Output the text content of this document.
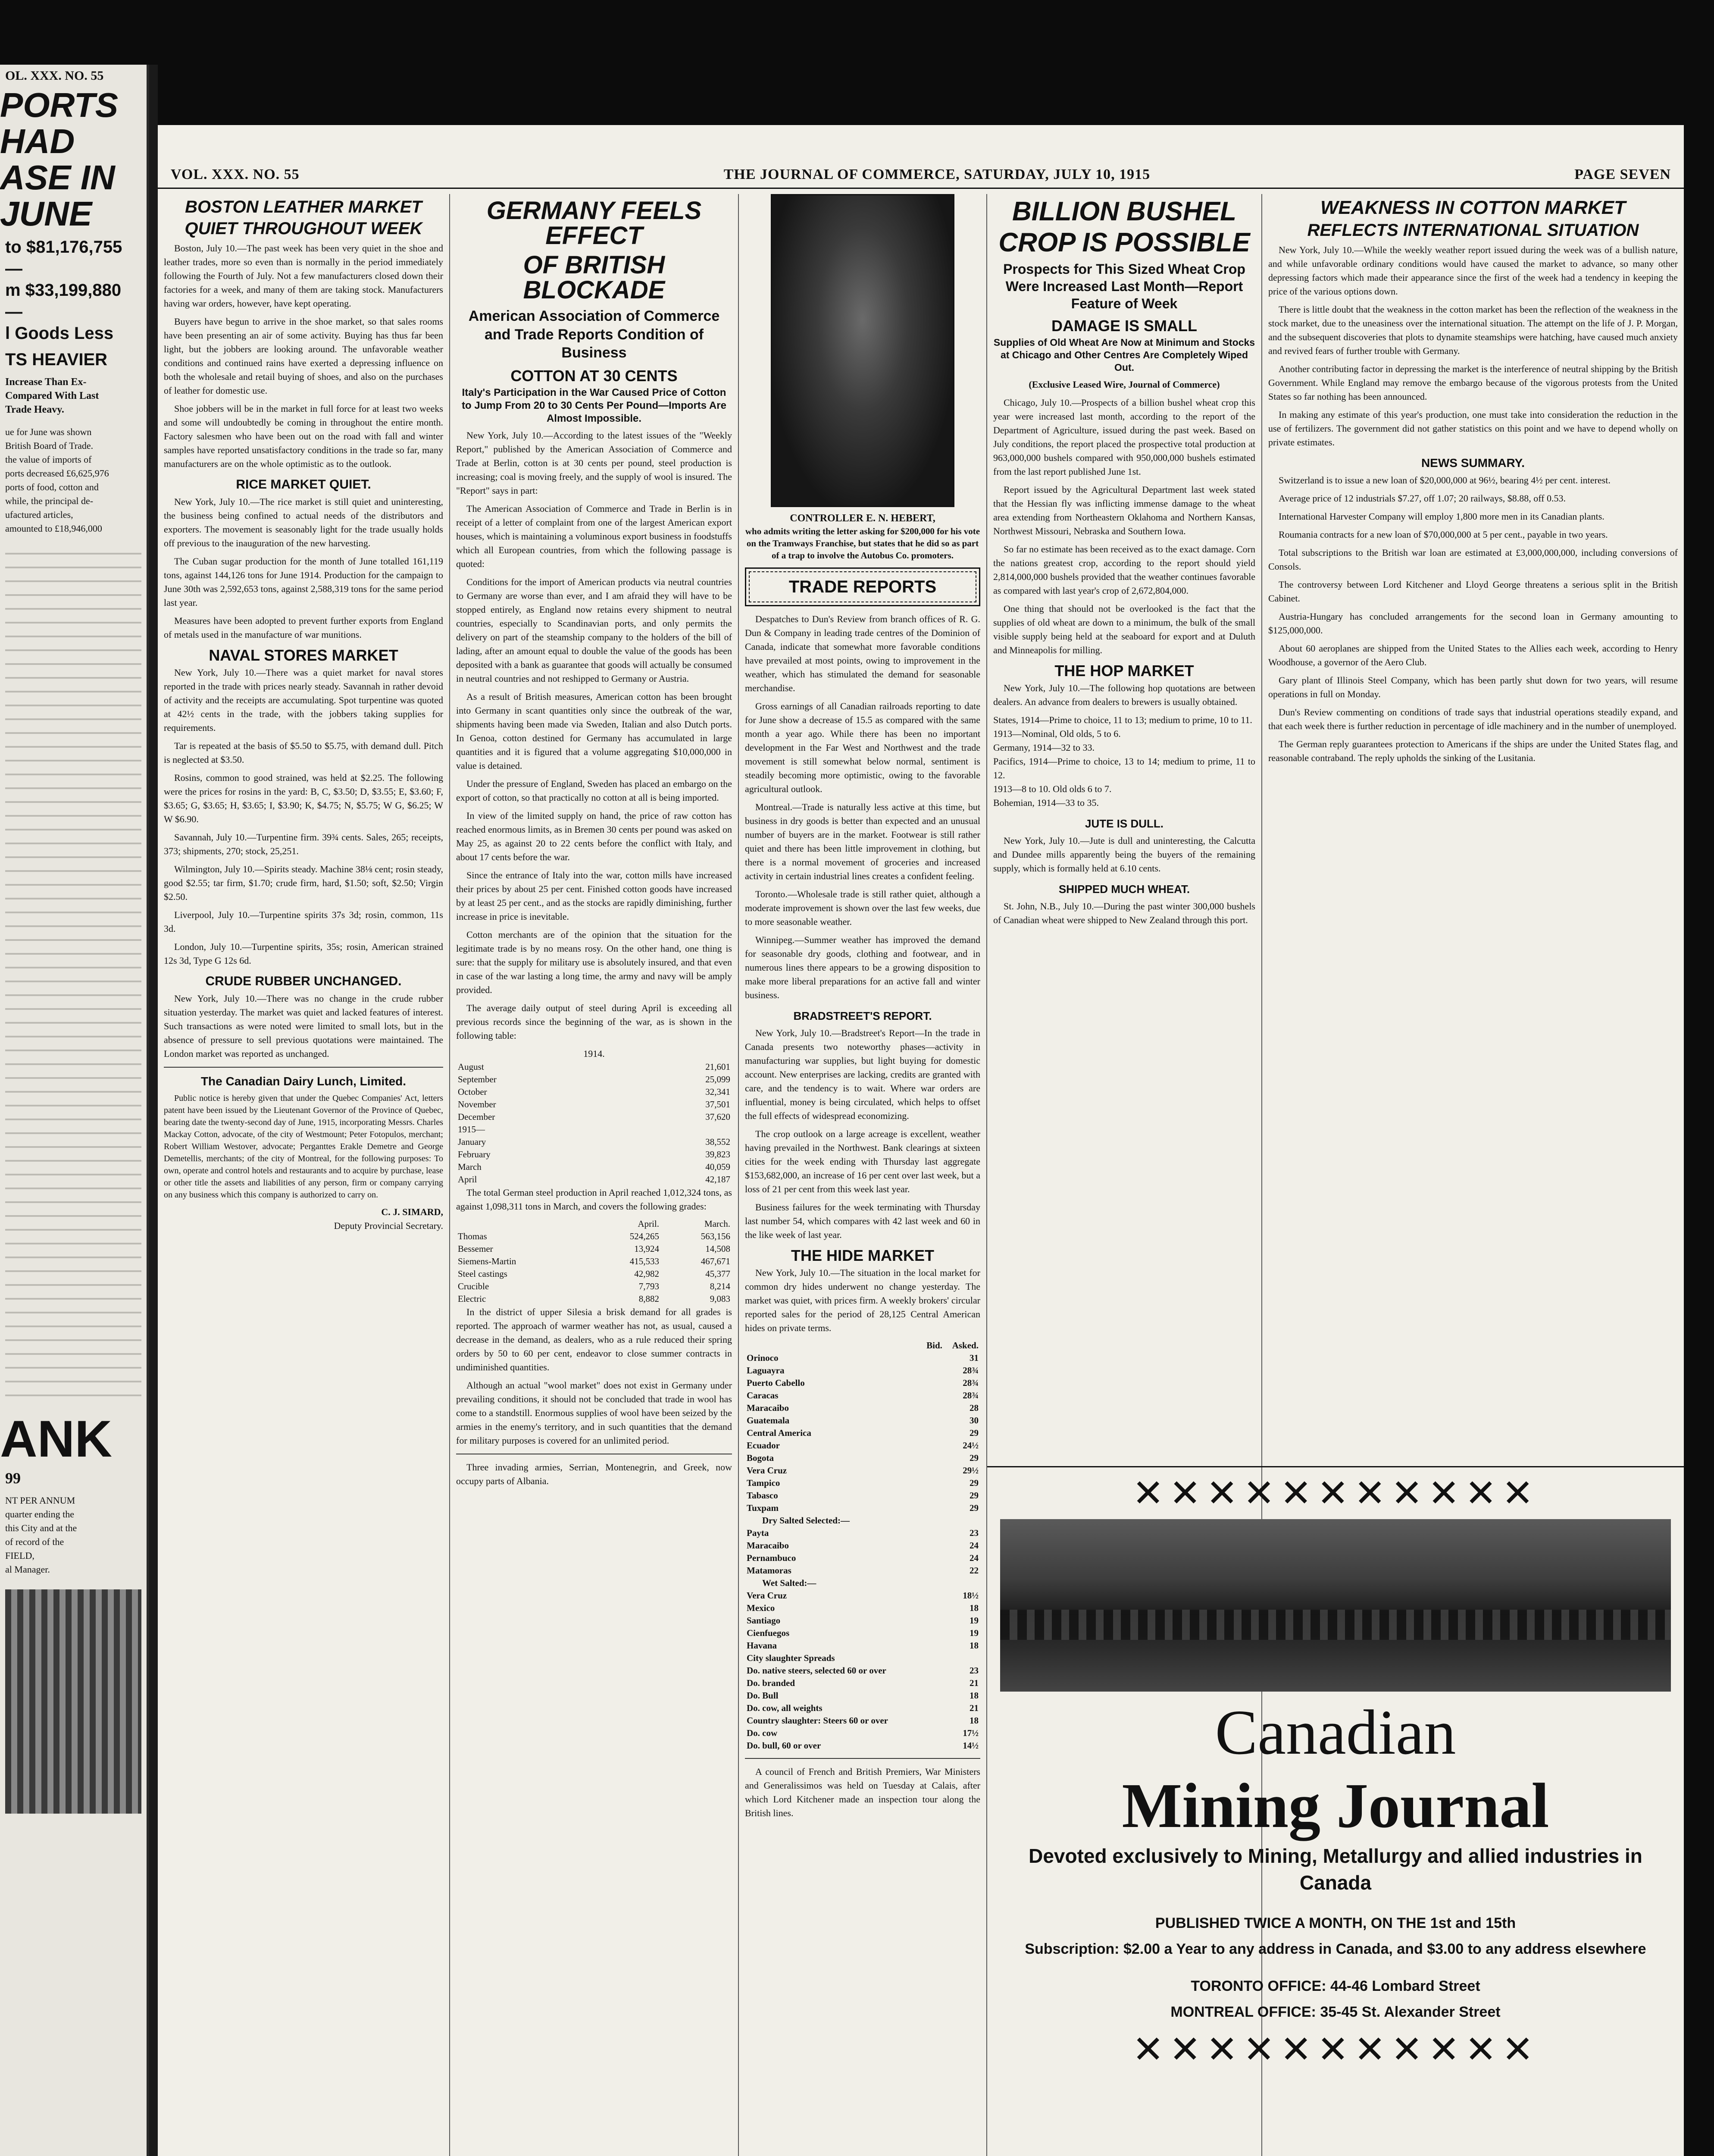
OL. XXX. NO. 55
PORTS HAD
ASE IN JUNE
to $81,176,755 —
m $33,199,880 —
l Goods Less
TS HEAVIER
Increase Than Ex-
Compared With Last
Trade Heavy.
ue for June was shown
British Board of Trade.
the value of imports of
ports decreased £6,625,976
ports of food, cotton and
while, the principal de-
ufactured articles,
amounted to £18,946,000
ANK
99
NT PER ANNUM
quarter ending the
this City and at the
of record of the
FIELD,
al Manager.
VOL. XXX. NO. 55	THE JOURNAL OF COMMERCE, SATURDAY, JULY 10, 1915	PAGE SEVEN
BOSTON LEATHER MARKET
QUIET THROUGHOUT WEEK

Boston, July 10.—The past week has been very quiet in the shoe and leather trades, more so even than is normally in the period immediately following the Fourth of July. Not a few manufacturers closed down their factories for a week, and many of them are taking stock. Manufacturers having war orders, however, have kept operating.

Buyers have begun to arrive in the shoe market, so that sales rooms have been presenting an air of some activity. Buying has thus far been light, but the jobbers are looking around. The unfavorable weather conditions and continued rains have exerted a depressing influence on both the wholesale and retail buying of shoes, and also on the purchases of leather for domestic use.

Shoe jobbers will be in the market in full force for at least two weeks and some will undoubtedly be coming in throughout the entire month. Factory salesmen who have been out on the road with fall and winter samples have reported unsatisfactory conditions in the trade so far, many manufacturers are on the whole optimistic as to the outlook.

RICE MARKET QUIET.

New York, July 10.—The rice market is still quiet and uninteresting, the business being confined to actual needs of the distributors and exporters. The movement is seasonably light for the trade usually holds off previous to the inauguration of the new harvesting.

The Cuban sugar production for the month of June totalled 161,119 tons, against 144,126 tons for June 1914. Production for the campaign to June 30th was 2,592,653 tons, against 2,588,319 tons for the same period last year.

Measures have been adopted to prevent further exports from England of metals used in the manufacture of war munitions.

NAVAL STORES MARKET

New York, July 10.—There was a quiet market for naval stores reported in the trade with prices nearly steady. Savannah in rather devoid of activity and the receipts are accumulating. Spot turpentine was quoted at 42½ cents in the trade, with the jobbers taking supplies for requirements.

Tar is repeated at the basis of $5.50 to $5.75, with demand dull. Pitch is neglected at $3.50.

Rosins, common to good strained, was held at $2.25. The following were the prices for rosins in the yard: B, C, $3.50; D, $3.55; E, $3.60; F, $3.65; G, $3.65; H, $3.65; I, $3.90; K, $4.75; N, $5.75; W G, $6.25; W W $6.90.

Savannah, July 10.—Turpentine firm. 39¾ cents. Sales, 265; receipts, 373; shipments, 270; stock, 25,251.

Wilmington, July 10.—Spirits steady. Machine 38⅛ cent; rosin steady, good $2.55; tar firm, $1.70; crude firm, hard, $1.50; soft, $2.50; Virgin $2.50.

Liverpool, July 10.—Turpentine spirits 37s 3d; rosin, common, 11s 3d.

London, July 10.—Turpentine spirits, 35s; rosin, American strained 12s 3d, Type G 12s 6d.

CRUDE RUBBER UNCHANGED.

New York, July 10.—There was no change in the crude rubber situation yesterday. The market was quiet and lacked features of interest. Such transactions as were noted were limited to small lots, but in the absence of pressure to sell previous quotations were maintained. The London market was reported as unchanged.

The Canadian Dairy Lunch, Limited.

Public notice is hereby given that under the Quebec Companies' Act, letters patent have been issued by the Lieutenant Governor of the Province of Quebec, bearing date the twenty-second day of June, 1915, incorporating Messrs. Charles Mackay Cotton, advocate, of the city of Westmount; Peter Fotopulos, merchant; Robert William Westover, advocate; Perganttes Erakle Demetre and George Demetellis, merchants; of the city of Montreal, for the following purposes: To own, operate and control hotels and restaurants and to acquire by purchase, lease or other title the assets and liabilities of any person, firm or company carrying on any business which this company is authorized to carry on.

C. J. SIMARD,
Deputy Provincial Secretary.
GERMANY FEELS EFFECT
OF BRITISH BLOCKADE
American Association of Commerce and Trade Reports Condition of Business
COTTON AT 30 CENTS
Italy's Participation in the War Caused Price of Cotton to Jump From 20 to 30 Cents Per Pound—Imports Are Almost Impossible.

New York, July 10.—According to the latest issues of the "Weekly Report," published by the American Association of Commerce and Trade at Berlin, cotton is at 30 cents per pound, steel production is increasing; coal is moving freely, and the supply of wool is insured. The "Report" says in part:

The American Association of Commerce and Trade in Berlin is in receipt of a letter of complaint from one of the largest American export houses, which is maintaining a voluminous export business in foodstuffs which all European countries, from which the following passage is quoted:

Conditions for the import of American products via neutral countries to Germany are worse than ever, and I am afraid they will have to be stopped entirely, as England now retains every shipment to neutral countries, especially to Scandinavian ports, and only permits the delivery on part of the steamship company to the holders of the bill of lading, after an amount equal to double the value of the goods has been deposited with a bank as guarantee that goods will actually be consumed in neutral countries and not reshipped to Germany or Austria.

As a result of British measures, American cotton has been brought into Germany in scant quantities only since the outbreak of the war, shipments having been made via Sweden, Italian and also Dutch ports. In Genoa, cotton destined for Germany has accumulated in large quantities and it is figured that a volume aggregating $10,000,000 in value is detained.

Under the pressure of England, Sweden has placed an embargo on the export of cotton, so that practically no cotton at all is being imported.

In view of the limited supply on hand, the price of raw cotton has reached enormous limits, as in Bremen 30 cents per pound was asked on May 25, as against 20 to 22 cents before the conflict with Italy, and about 17 cents before the war.

Since the entrance of Italy into the war, cotton mills have increased their prices by about 25 per cent. Finished cotton goods have increased by at least 25 per cent., and as the stocks are rapidly diminishing, further increase in price is inevitable.

Cotton merchants are of the opinion that the situation for the legitimate trade is by no means rosy. On the other hand, one thing is sure: that the supply for military use is absolutely insured, and that even in case of the war lasting a long time, the army and navy will be amply provided.

The average daily output of steel during April is exceeding all previous records since the beginning of the war, as is shown in the following table:

1914.
August	21,601
September	25,099
October	32,341
November	37,501
December	37,620
1915—	
January	38,552
February	39,823
March	40,059
April	42,187

The total German steel production in April reached 1,012,324 tons, as against 1,098,311 tons in March, and covers the following grades:

	April.	March.
Thomas	524,265	563,156
Bessemer	13,924	14,508
Siemens-Martin	415,533	467,671
Steel castings	42,982	45,377
Crucible	7,793	8,214
Electric	8,882	9,083

In the district of upper Silesia a brisk demand for all grades is reported. The approach of warmer weather has not, as usual, caused a decrease in the demand, as dealers, who as a rule reduced their spring orders by 50 to 60 per cent, endeavor to close summer contracts in undiminished quantities.

Although an actual "wool market" does not exist in Germany under prevailing conditions, it should not be concluded that trade in wool has come to a standstill. Enormous supplies of wool have been seized by the armies in the enemy's territory, and in such quantities that the demand for military purposes is covered for an unlimited period.

Three invading armies, Serrian, Montenegrin, and Greek, now occupy parts of Albania.

CONTROLLER E. N. HEBERT,
who admits writing the letter asking for $200,000 for his vote on the Tramways Franchise, but states that he did so as part of a trap to involve the Autobus Co. promoters.
TRADE REPORTS

Despatches to Dun's Review from branch offices of R. G. Dun & Company in leading trade centres of the Dominion of Canada, indicate that somewhat more favorable conditions have prevailed at most points, owing to improvement in the weather, which has stimulated the demand for seasonable merchandise.

Gross earnings of all Canadian railroads reporting to date for June show a decrease of 15.5 as compared with the same month a year ago. While there has been no important development in the Far West and Northwest and the trade movement is still somewhat below normal, sentiment is steadily becoming more optimistic, owing to the favorable agricultural outlook.

Montreal.—Trade is naturally less active at this time, but business in dry goods is better than expected and an unusual number of buyers are in the market. Footwear is still rather quiet and there has been little improvement in clothing, but there is a normal movement of groceries and increased activity in certain industrial lines creates a confident feeling.

Toronto.—Wholesale trade is still rather quiet, although a moderate improvement is shown over the last few weeks, due to more seasonable weather.

Winnipeg.—Summer weather has improved the demand for seasonable dry goods, clothing and footwear, and in numerous lines there appears to be a growing disposition to make more liberal preparations for an active fall and winter business.

BRADSTREET'S REPORT.

New York, July 10.—Bradstreet's Report—In the trade in Canada presents two noteworthy phases—activity in manufacturing war supplies, but light buying for domestic account. New enterprises are lacking, credits are granted with care, and the tendency is to wait. Where war orders are influential, money is being circulated, which helps to offset the full effects of widespread economizing.

The crop outlook on a large acreage is excellent, weather having prevailed in the Northwest. Bank clearings at sixteen cities for the week ending with Thursday last aggregate $153,682,000, an increase of 16 per cent over last week, but a loss of 21 per cent from this week last year.

Business failures for the week terminating with Thursday last number 54, which compares with 42 last week and 60 in the like week of last year.

THE HIDE MARKET

New York, July 10.—The situation in the local market for common dry hides underwent no change yesterday. The market was quiet, with prices firm. A weekly brokers' circular reported sales for the period of 28,125 Central American hides on private terms.

	Bid.	Asked.
Orinoco		31
Laguayra		28¾
Puerto Cabello		28¾
Caracas		28¾
Maracaibo		28
Guatemala		30
Central America		29
Ecuador		24½
Bogota		29
Vera Cruz		29½
Tampico		29
Tabasco		29
Tuxpam		29
Dry Salted Selected:—		
Payta		23
Maracaibo		24
Pernambuco		24
Matamoras		22
Wet Salted:—		
Vera Cruz		18½
Mexico		18
Santiago		19
Cienfuegos		19
Havana		18
City slaughter Spreads		
Do. native steers, selected 60 or over		23
Do. branded		21
Do. Bull		18
Do. cow, all weights		21
Country slaughter: Steers 60 or over		18
Do. cow		17½
Do. bull, 60 or over		14½

A council of French and British Premiers, War Ministers and Generalissimos was held on Tuesday at Calais, after which Lord Kitchener made an inspection tour along the British lines.

BILLION BUSHEL
CROP IS POSSIBLE
Prospects for This Sized Wheat Crop Were Increased Last Month—Report Feature of Week
DAMAGE IS SMALL
Supplies of Old Wheat Are Now at Minimum and Stocks at Chicago and Other Centres Are Completely Wiped Out.
(Exclusive Leased Wire, Journal of Commerce)

Chicago, July 10.—Prospects of a billion bushel wheat crop this year were increased last month, according to the report of the Department of Agriculture, issued during the past week. Based on July conditions, the report placed the prospective total production at 963,000,000 bushels compared with 950,000,000 bushels estimated from the last report published June 1st.

Report issued by the Agricultural Department last week stated that the Hessian fly was inflicting immense damage to the wheat area extending from Northeastern Oklahoma and Northern Kansas, Northwest Missouri, Nebraska and Southern Iowa.

So far no estimate has been received as to the exact damage. Corn the nations greatest crop, according to the report should yield 2,814,000,000 bushels provided that the weather continues favorable as compared with last year's crop of 2,672,804,000.

One thing that should not be overlooked is the fact that the supplies of old wheat are down to a minimum, the bulk of the small visible supply being held at the seaboard for export and at Duluth and Minneapolis for milling.

THE HOP MARKET

New York, July 10.—The following hop quotations are between dealers. An advance from dealers to brewers is usually obtained.

States, 1914—Prime to choice, 11 to 13; medium to prime, 10 to 11.
1913—Nominal, Old olds, 5 to 6.
Germany, 1914—32 to 33.
Pacifics, 1914—Prime to choice, 13 to 14; medium to prime, 11 to 12.
1913—8 to 10. Old olds 6 to 7.
Bohemian, 1914—33 to 35.
JUTE IS DULL.

New York, July 10.—Jute is dull and uninteresting, the Calcutta and Dundee mills apparently being the buyers of the remaining supply, which is formally held at 6.10 cents.

SHIPPED MUCH WHEAT.

St. John, N.B., July 10.—During the past winter 300,000 bushels of Canadian wheat were shipped to New Zealand through this port.

WEAKNESS IN COTTON MARKET
REFLECTS INTERNATIONAL SITUATION

New York, July 10.—While the weekly weather report issued during the week was of a bullish nature, and while unfavorable ordinary conditions would have caused the market to advance, so many other depressing factors which made their appearance since the first of the week had a tendency in keeping the price of the various options down.

There is little doubt that the weakness in the cotton market has been the reflection of the weakness in the stock market, due to the uneasiness over the international situation. The attempt on the life of J. P. Morgan, and the subsequent discoveries that plots to dynamite steamships were hatching, have caused much anxiety and revived fears of further trouble with Germany.

Another contributing factor in depressing the market is the interference of neutral shipping by the British Government. While England may remove the embargo because of the vigorous protests from the United States so far nothing has been announced.

In making any estimate of this year's production, one must take into consideration the reduction in the use of fertilizers. The government did not gather statistics on this point and we have to depend wholly on private estimates.

NEWS SUMMARY.

Switzerland is to issue a new loan of $20,000,000 at 96½, bearing 4½ per cent. interest.

Average price of 12 industrials $7.27, off 1.07; 20 railways, $8.88, off 0.53.

International Harvester Company will employ 1,800 more men in its Canadian plants.

Roumania contracts for a new loan of $70,000,000 at 5 per cent., payable in two years.

Total subscriptions to the British war loan are estimated at £3,000,000,000, including conversions of Consols.

The controversy between Lord Kitchener and Lloyd George threatens a serious split in the British Cabinet.

Austria-Hungary has concluded arrangements for the second loan in Germany amounting to $125,000,000.

About 60 aeroplanes are shipped from the United States to the Allies each week, according to Henry Woodhouse, a governor of the Aero Club.

Gary plant of Illinois Steel Company, which has been partly shut down for two years, will resume operations in full on Monday.

Dun's Review commenting on conditions of trade says that industrial operations steadily expand, and that each week there is further reduction in percentage of idle machinery and in the number of unemployed.

The German reply guarantees protection to Americans if the ships are under the United States flag, and reasonable contraband. The reply upholds the sinking of the Lusitania.

✕✕✕✕✕✕✕✕✕✕✕
Canadian
Mining Journal
Devoted exclusively to Mining, Metallurgy and allied industries in Canada
PUBLISHED TWICE A MONTH, ON THE 1st and 15th
Subscription: $2.00 a Year to any address in Canada, and $3.00 to any address elsewhere
TORONTO OFFICE: 44-46 Lombard Street
MONTREAL OFFICE: 35-45 St. Alexander Street
✕✕✕✕✕✕✕✕✕✕✕
